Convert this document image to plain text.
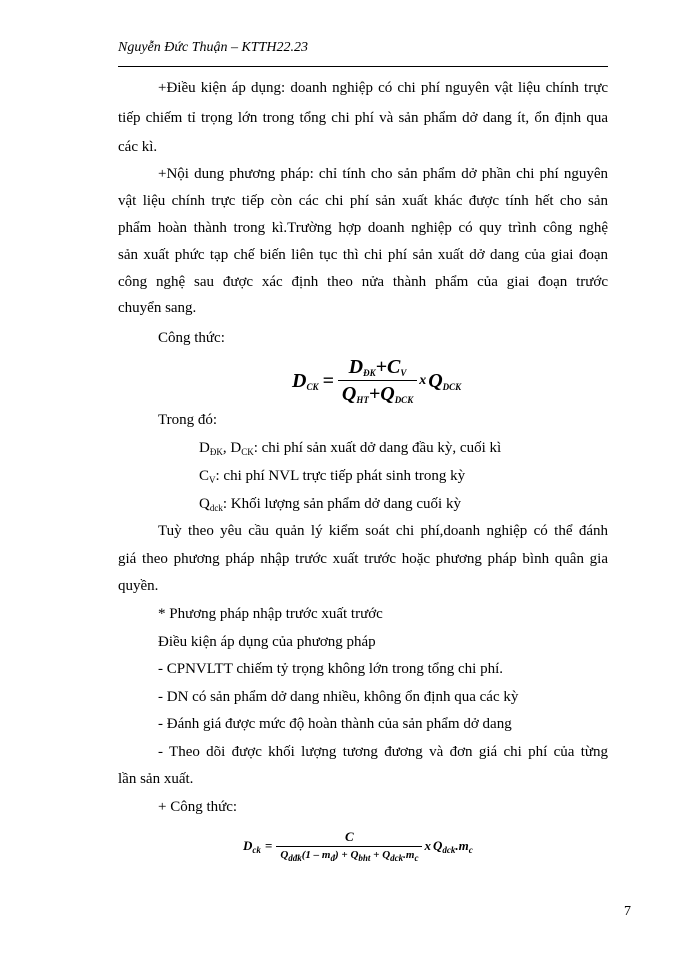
Nguyễn Đức Thuận – KTTH22.23
+Điều kiện áp dụng: doanh nghiệp có chi phí nguyên vật liệu chính trực
tiếp chiếm tỉ trọng lớn trong tổng chi phí và sản phẩm dở dang ít, ổn định qua
các kì.
+Nội dung phương pháp: chỉ tính cho sản phẩm dở phần chi phí nguyên
vật liệu chính trực tiếp còn các chi phí sản xuất khác được tính hết cho sản
phẩm hoàn thành trong kì.Trường hợp doanh nghiệp có quy trình công nghệ
sản xuất phức tạp chế biến liên tục thì chi phí sản xuất dở dang của giai đoạn
công nghệ sau được xác định theo nửa thành phẩm của giai đoạn trước
chuyển sang.
Công thức:
$D_{CK} = \frac{D_{ĐK}+C_V}{Q_{HT}+Q_{DCK}}$ x $Q_{DCK}$
Trong đó:
$D_{ĐK}$, $D_{CK}$: chi phí sản xuất dở dang đầu kỳ, cuối kì
$C_V$: chi phí NVL trực tiếp phát sinh trong kỳ
$Q_{dck}$: Khối lượng sản phẩm dở dang cuối kỳ
Tuỳ theo yêu cầu quản lý kiểm soát chi phí,doanh nghiệp có thể đánh
giá theo phương pháp nhập trước xuất trước hoặc phương pháp bình quân gia
quyền.
* Phương pháp nhập trước xuất trước
Điều kiện áp dụng của phương pháp
- CPNVLTT chiếm tỷ trọng không lớn trong tổng chi phí.
- DN có sản phẩm dở dang nhiều, không ổn định qua các kỳ
- Đánh giá được mức độ hoàn thành của sản phẩm dở dang
- Theo dõi được khối lượng tương đương và đơn giá chi phí của từng
lần sản xuất.
+ Công thức:
$D_{ck} = \frac{C}{Q_{dđk}(1 - m_đ) + Q_{bht} + Q_{dck}.m_c}$ x $Q_{dck}.m_c$
7
